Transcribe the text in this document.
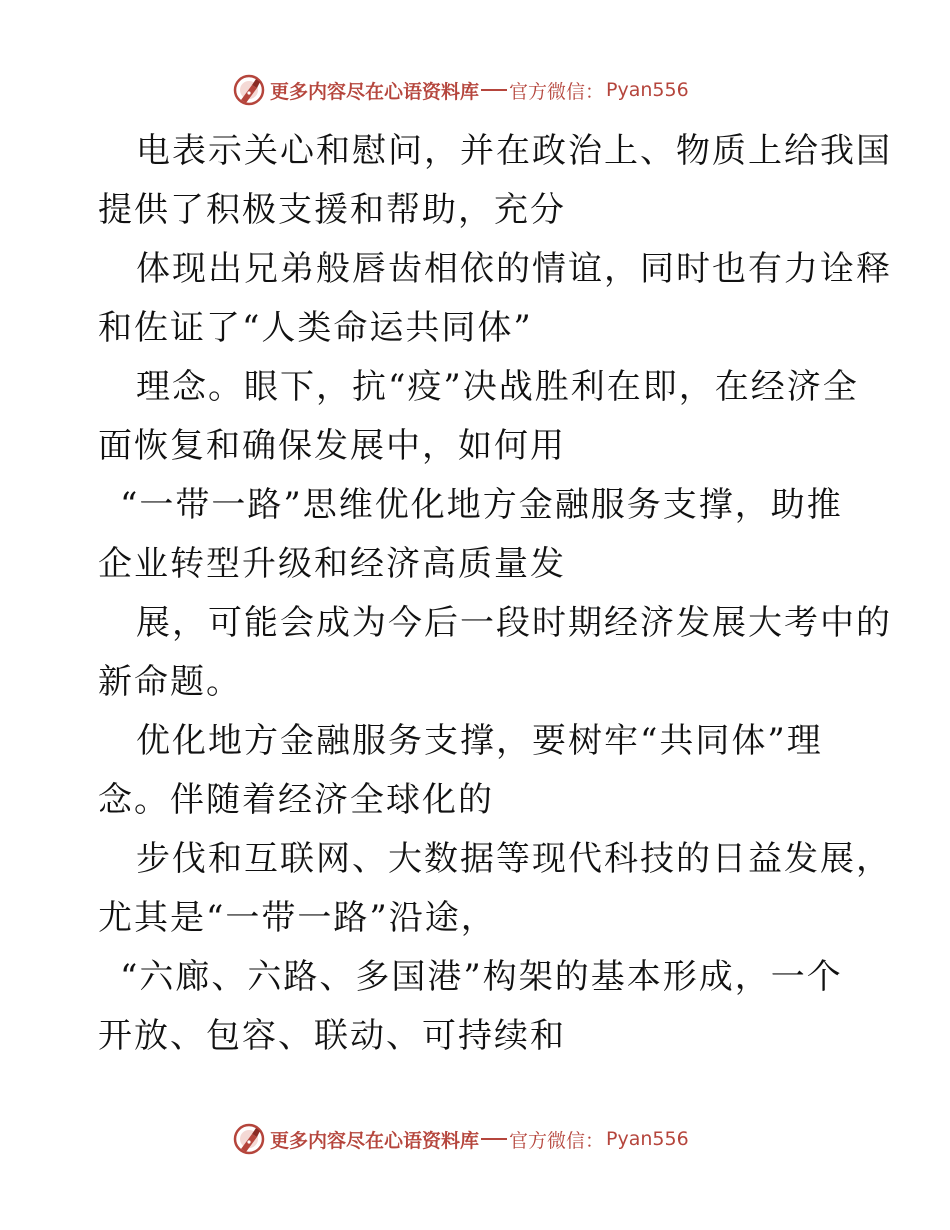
更多内容尽在心语资料库 官方微信： Pyan556

电表示关心和慰问，并在政治上、物质上给我国
提供了积极支援和帮助，充分

体现出兄弟般唇齿相依的情谊，同时也有力诠释
和佐证了“人类命运共同体”

理念。眼下，抗“疫”决战胜利在即，在经济全
面恢复和确保发展中，如何用

“一带一路”思维优化地方金融服务支撑，助推
企业转型升级和经济高质量发

展，可能会成为今后一段时期经济发展大考中的
新命题。

优化地方金融服务支撑，要树牢“共同体”理
念。伴随着经济全球化的

步伐和互联网、大数据等现代科技的日益发展，
尤其是“一带一路”沿途，

“六廊、六路、多国港”构架的基本形成，一个
开放、包容、联动、可持续和

更多内容尽在心语资料库 官方微信： Pyan556
